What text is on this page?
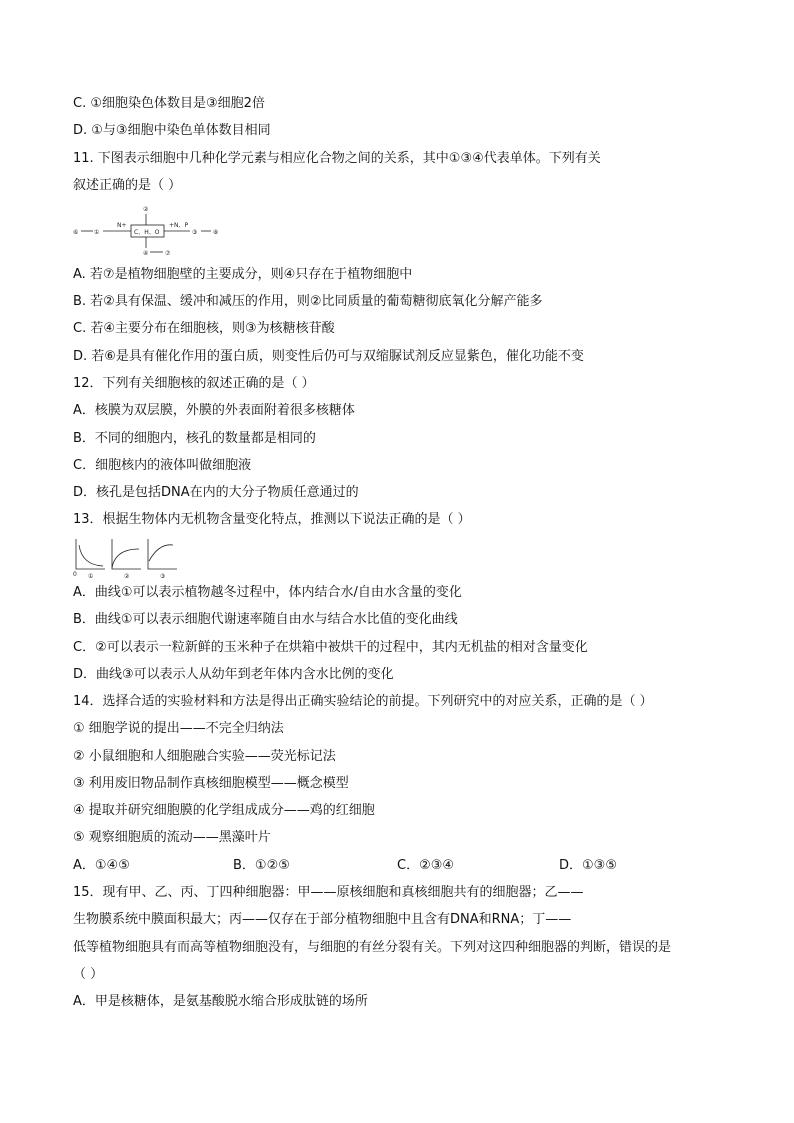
C. ①细胞染色体数目是③细胞2倍
D. ①与③细胞中染色单体数目相同
11. 下图表示细胞中几种化学元素与相应化合物之间的关系，其中①③④代表单体。下列有关
叙述正确的是（ ）
②
⑥	①
N+
C、H、O
+N、P
③	⑧
④	⑦
A. 若⑦是植物细胞壁的主要成分，则④只存在于植物细胞中
B. 若②具有保温、缓冲和减压的作用，则②比同质量的葡萄糖彻底氧化分解产能多
C. 若④主要分布在细胞核，则③为核糖核苷酸
D. 若⑥是具有催化作用的蛋白质，则变性后仍可与双缩脲试剂反应显紫色，催化功能不变
12．下列有关细胞核的叙述正确的是（ ）
A．核膜为双层膜，外膜的外表面附着很多核糖体
B．不同的细胞内，核孔的数量都是相同的
C．细胞核内的液体叫做细胞液
D．核孔是包括DNA在内的大分子物质任意通过的
13．根据生物体内无机物含量变化特点，推测以下说法正确的是（ ）
0 ①	②	③
A．曲线①可以表示植物越冬过程中，体内结合水/自由水含量的变化
B．曲线①可以表示细胞代谢速率随自由水与结合水比值的变化曲线
C．②可以表示一粒新鲜的玉米种子在烘箱中被烘干的过程中，其内无机盐的相对含量变化
D．曲线③可以表示人从幼年到老年体内含水比例的变化
14．选择合适的实验材料和方法是得出正确实验结论的前提。下列研究中的对应关系，正确的是（ ）
① 细胞学说的提出——不完全归纳法
② 小鼠细胞和人细胞融合实验——荧光标记法
③ 利用废旧物品制作真核细胞模型——概念模型
④ 提取并研究细胞膜的化学组成成分——鸡的红细胞
⑤ 观察细胞质的流动——黑藻叶片
A．①④⑤	B．①②⑤	C．②③④	D．①③⑤
15．现有甲、乙、丙、丁四种细胞器：甲——原核细胞和真核细胞共有的细胞器；乙——
生物膜系统中膜面积最大；丙——仅存在于部分植物细胞中且含有DNA和RNA；丁——
低等植物细胞具有而高等植物细胞没有，与细胞的有丝分裂有关。下列对这四种细胞器的判断，错误的是
（ ）
A．甲是核糖体，是氨基酸脱水缩合形成肽链的场所
